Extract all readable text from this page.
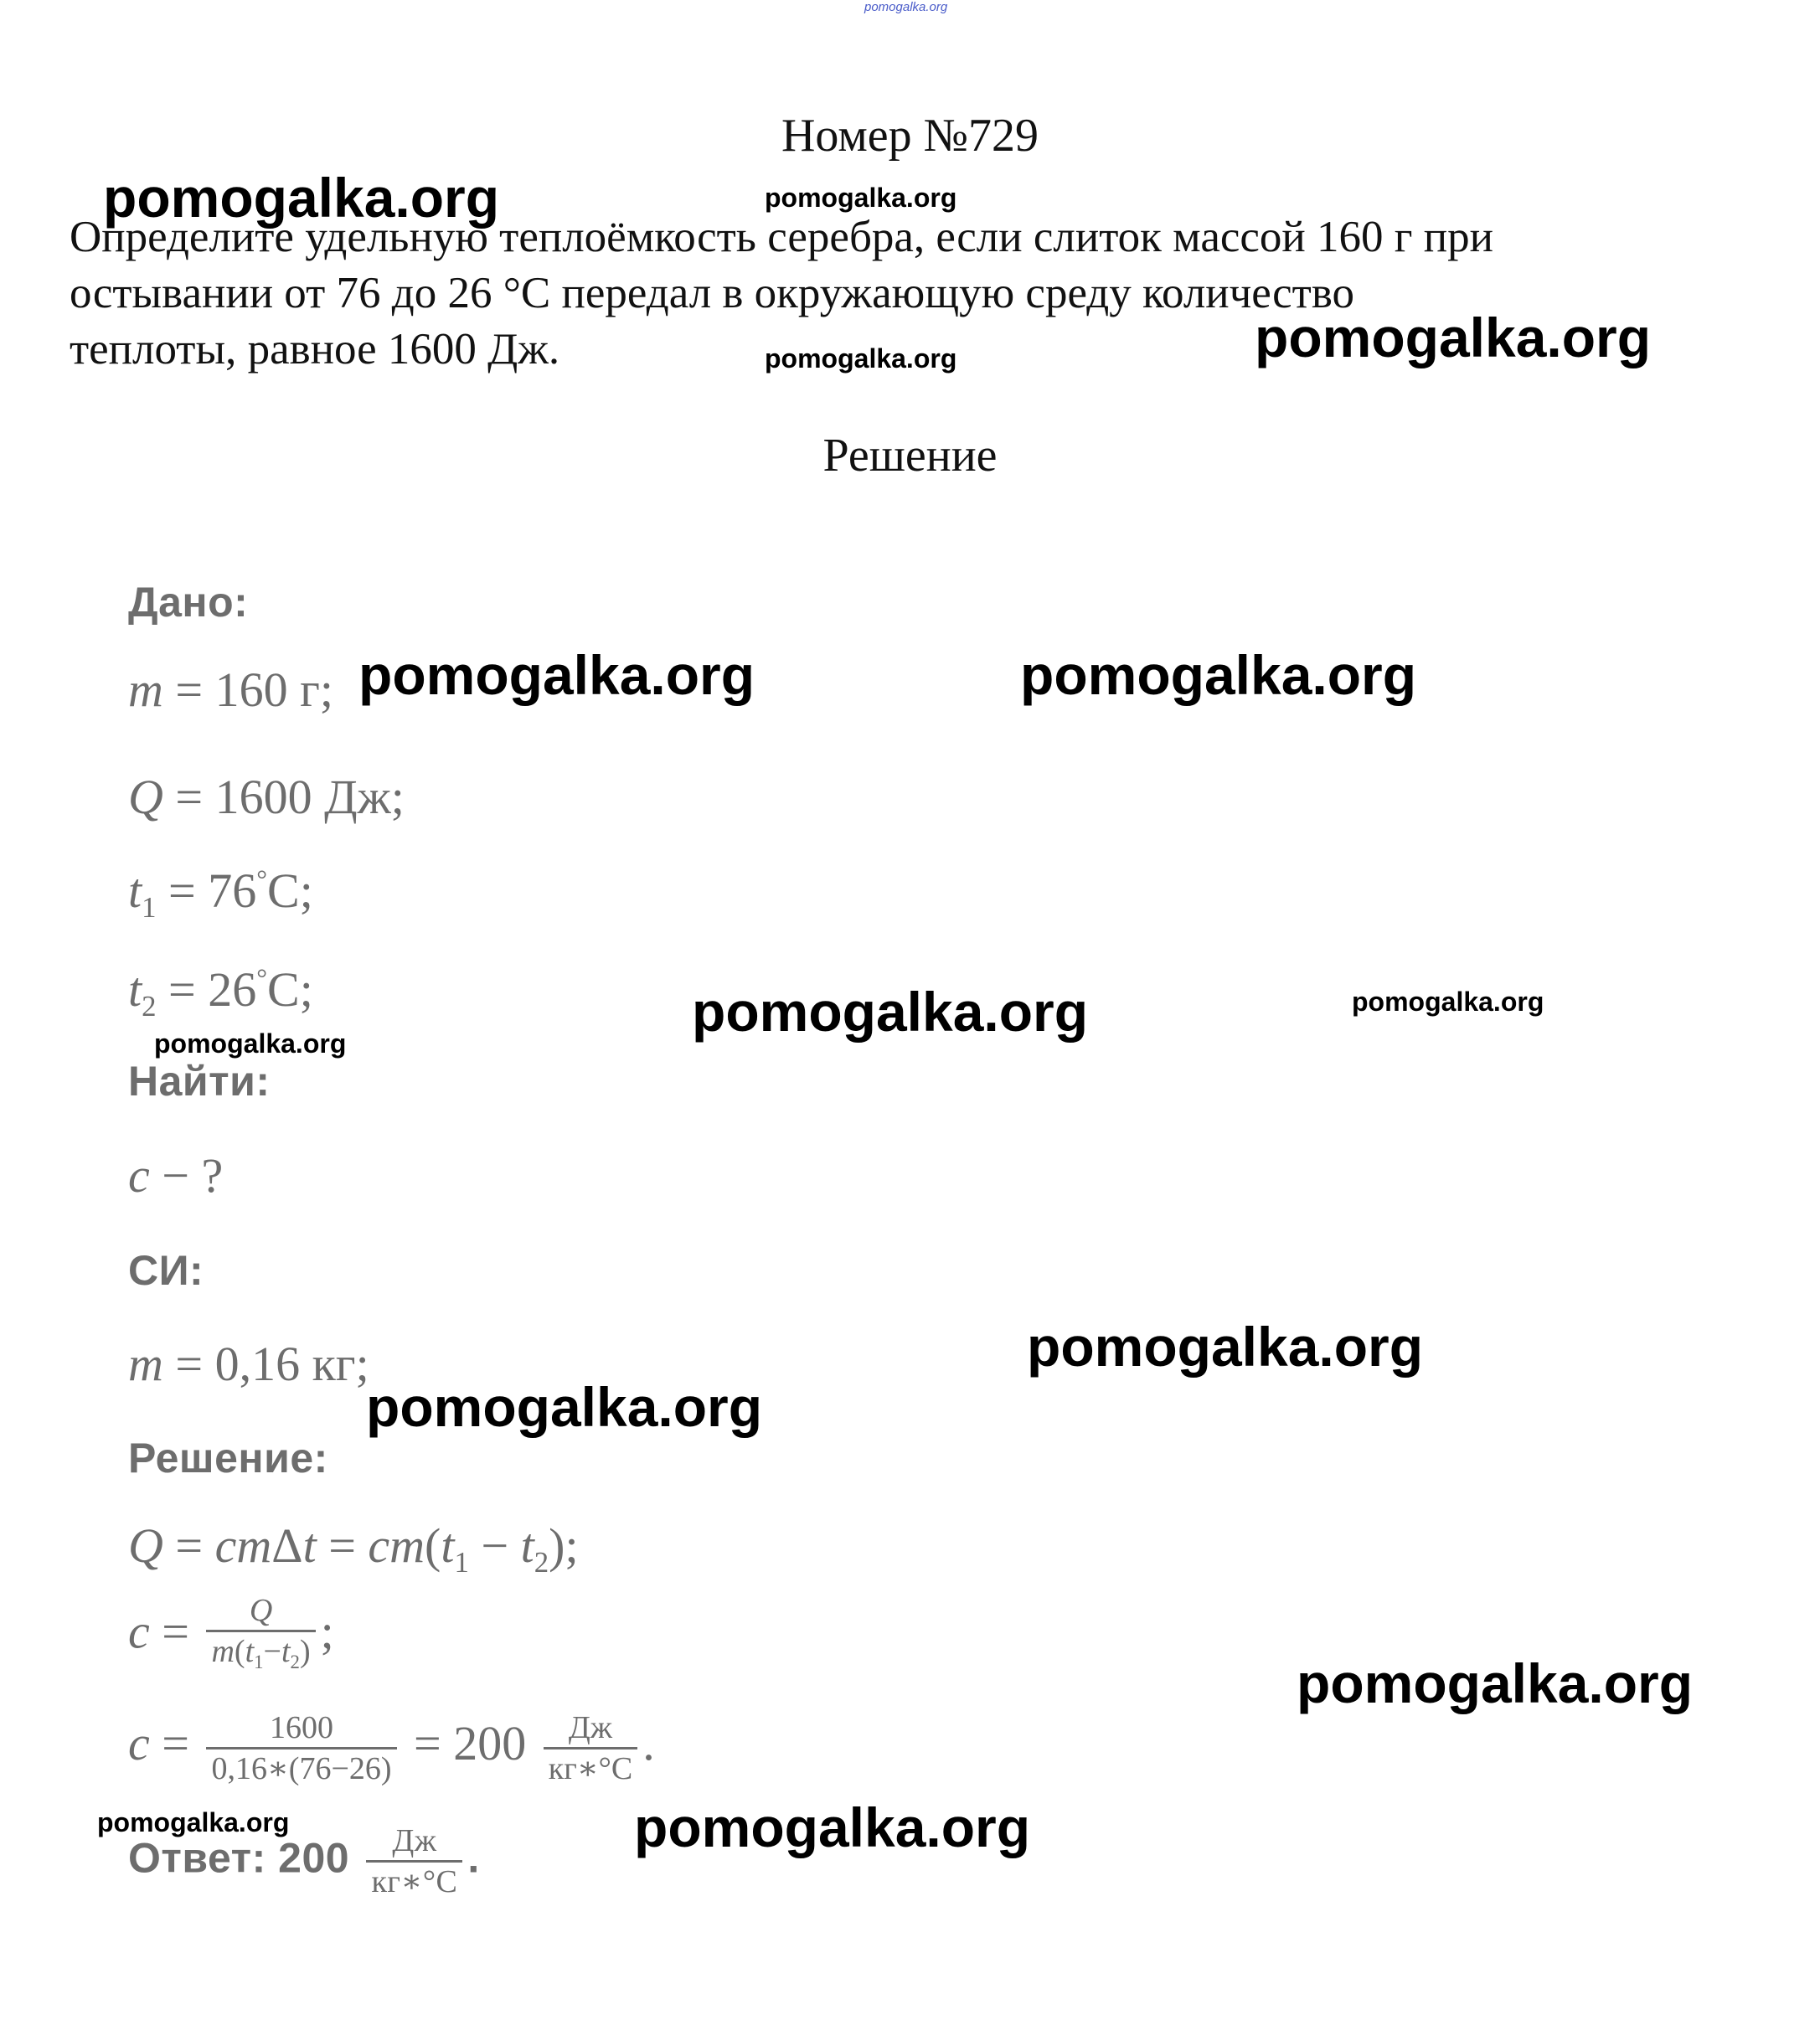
pomogalka.org
Номер №729
Определите удельную теплоёмкость серебра, если слиток массой 160 г при
остывании от 76 до 26 °С передал в окружающую среду количество
теплоты, равное 1600 Дж.
Решение
Дано:
m = 160 г;
Q = 1600 Дж;
$t_1 = 76^\circ C$;
$t_2 = 26^\circ C$;
Найти:
c − ?
СИ:
m = 0,16 кг;
Решение:
$Q = cm\Delta t = cm(t_1 - t_2)$;
$c = \frac{Q}{m(t_1-t_2)}$ ;
$c = \frac{1600}{0,16∗(76-26)} = 200 \frac{Дж}{кг∗^\circ C}$ .
Ответ: $200 \frac{Дж}{кг∗^\circ C}$ .
pomogalka.org	pomogalka.org
pomogalka.org	pomogalka.org
pomogalka.org	pomogalka.org
pomogalka.org	pomogalka.org
pomogalka.org
pomogalka.org
pomogalka.org
pomogalka.org
pomogalka.org	pomogalka.org
